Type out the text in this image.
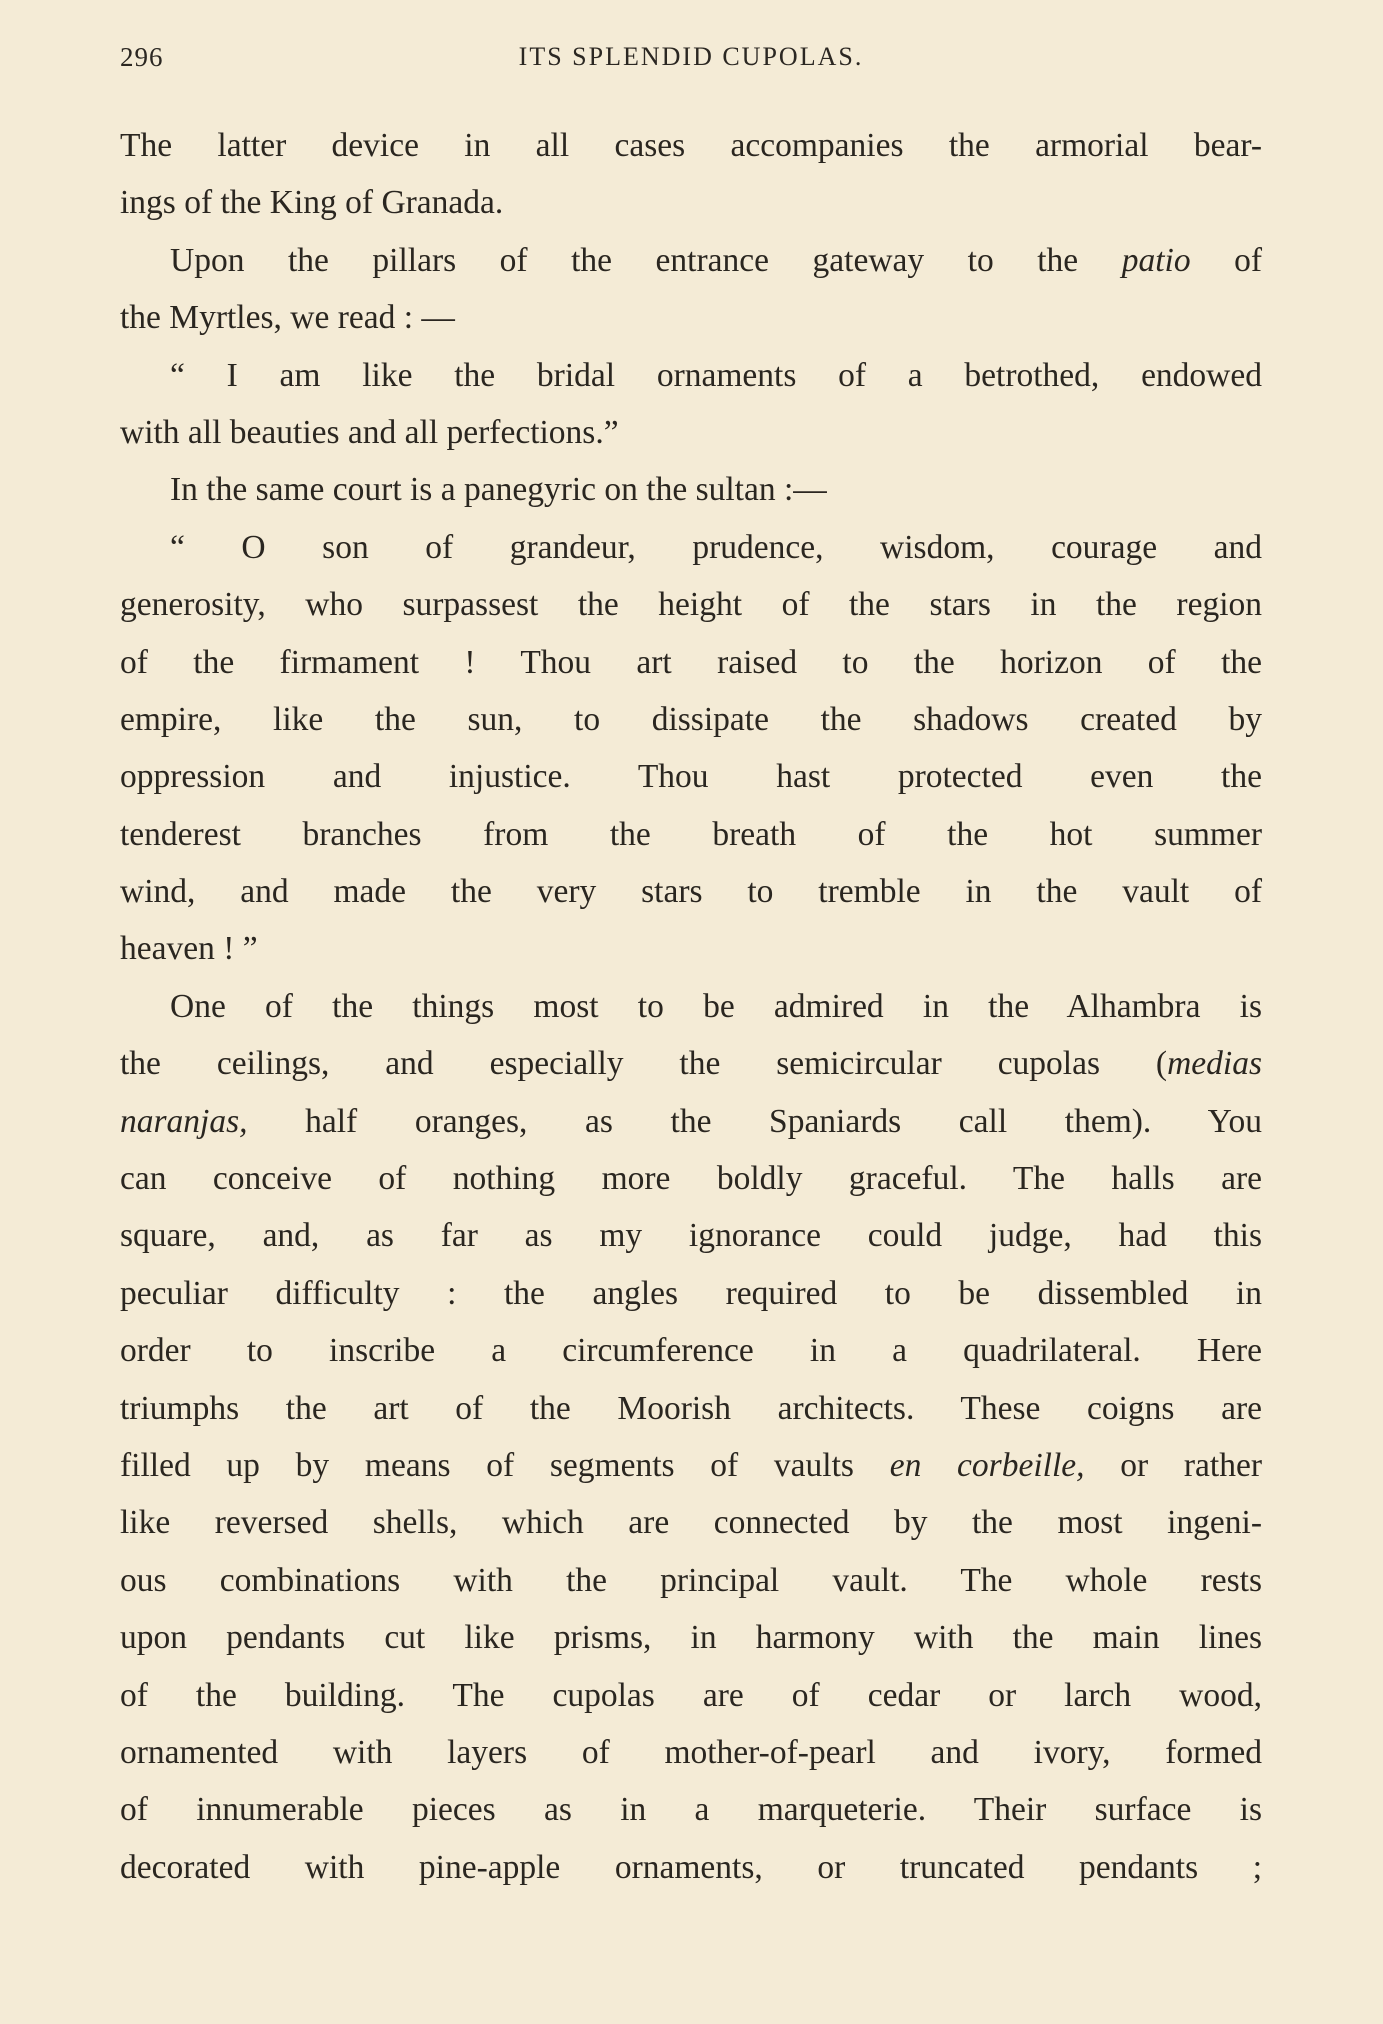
296	ITS SPLENDID CUPOLAS.
The latter device in all cases accompanies the armorial bear-
ings of the King of Granada.
Upon the pillars of the entrance gateway to the patio of
the Myrtles, we read : —
“ I am like the bridal ornaments of a betrothed, endowed
with all beauties and all perfections.”
In the same court is a panegyric on the sultan :—
“ O son of grandeur, prudence, wisdom, courage and
generosity, who surpassest the height of the stars in the region
of the firmament ! Thou art raised to the horizon of the
empire, like the sun, to dissipate the shadows created by
oppression and injustice. Thou hast protected even the
tenderest branches from the breath of the hot summer
wind, and made the very stars to tremble in the vault of
heaven ! ”
One of the things most to be admired in the Alhambra is
the ceilings, and especially the semicircular cupolas (medias
naranjas, half oranges, as the Spaniards call them). You
can conceive of nothing more boldly graceful. The halls are
square, and, as far as my ignorance could judge, had this
peculiar difficulty : the angles required to be dissembled in
order to inscribe a circumference in a quadrilateral. Here
triumphs the art of the Moorish architects. These coigns are
filled up by means of segments of vaults en corbeille, or rather
like reversed shells, which are connected by the most ingeni-
ous combinations with the principal vault. The whole rests
upon pendants cut like prisms, in harmony with the main lines
of the building. The cupolas are of cedar or larch wood,
ornamented with layers of mother-of-pearl and ivory, formed
of innumerable pieces as in a marqueterie. Their surface is
decorated with pine-apple ornaments, or truncated pendants ;
